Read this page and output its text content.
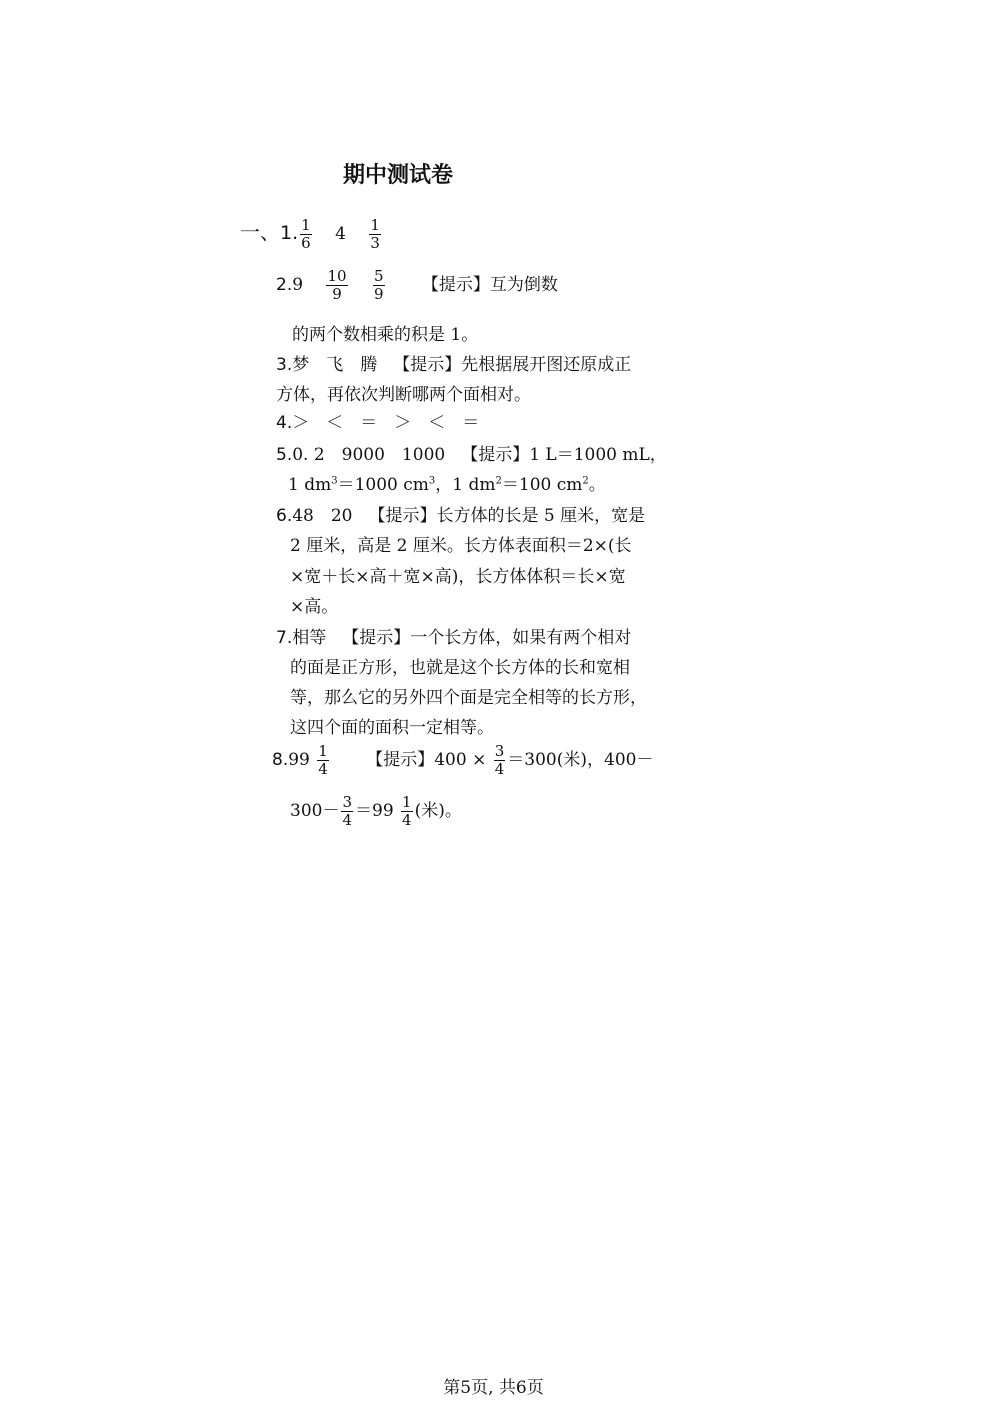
期中测试卷
一、1. $\frac{1}{6} 4 \frac{1}{3}$
$2.9 \frac{10}{9}$
$\frac{5}{9}$ 【提示】互为倒数
的两个数相乘的积是 1。
3.梦　飞　腾 【提示】先根据展开图还原成正
方体，再依次判断哪两个面相对。
4.＞　＜　＝　＞　＜　＝
5.0. 2　9000　1000 【提示】1 L＝1000 mL，
1 $dm^3=1000$ $cm^3$，1 $dm^2=100$ $cm^2$。
6.48　20 【提示】长方体的长是 5 厘米，宽是
2 厘米，高是 2 厘米。长方体表面积＝2×(长
×宽＋长×高＋宽×高)，长方体体积＝长×宽
×高。
7.相等 【提示】一个长方体，如果有两个相对
的面是正方形，也就是这个长方体的长和宽相
等，那么它的另外四个面是完全相等的长方形，
这四个面的面积一定相等。
$8.99 \frac{1}{4}$ 【提示】$400 \times \frac{3}{4} =300$(米)，400－
$300- \frac{3}{4} =99 \frac{1}{4}$ (米)。
第5页, 共6页
